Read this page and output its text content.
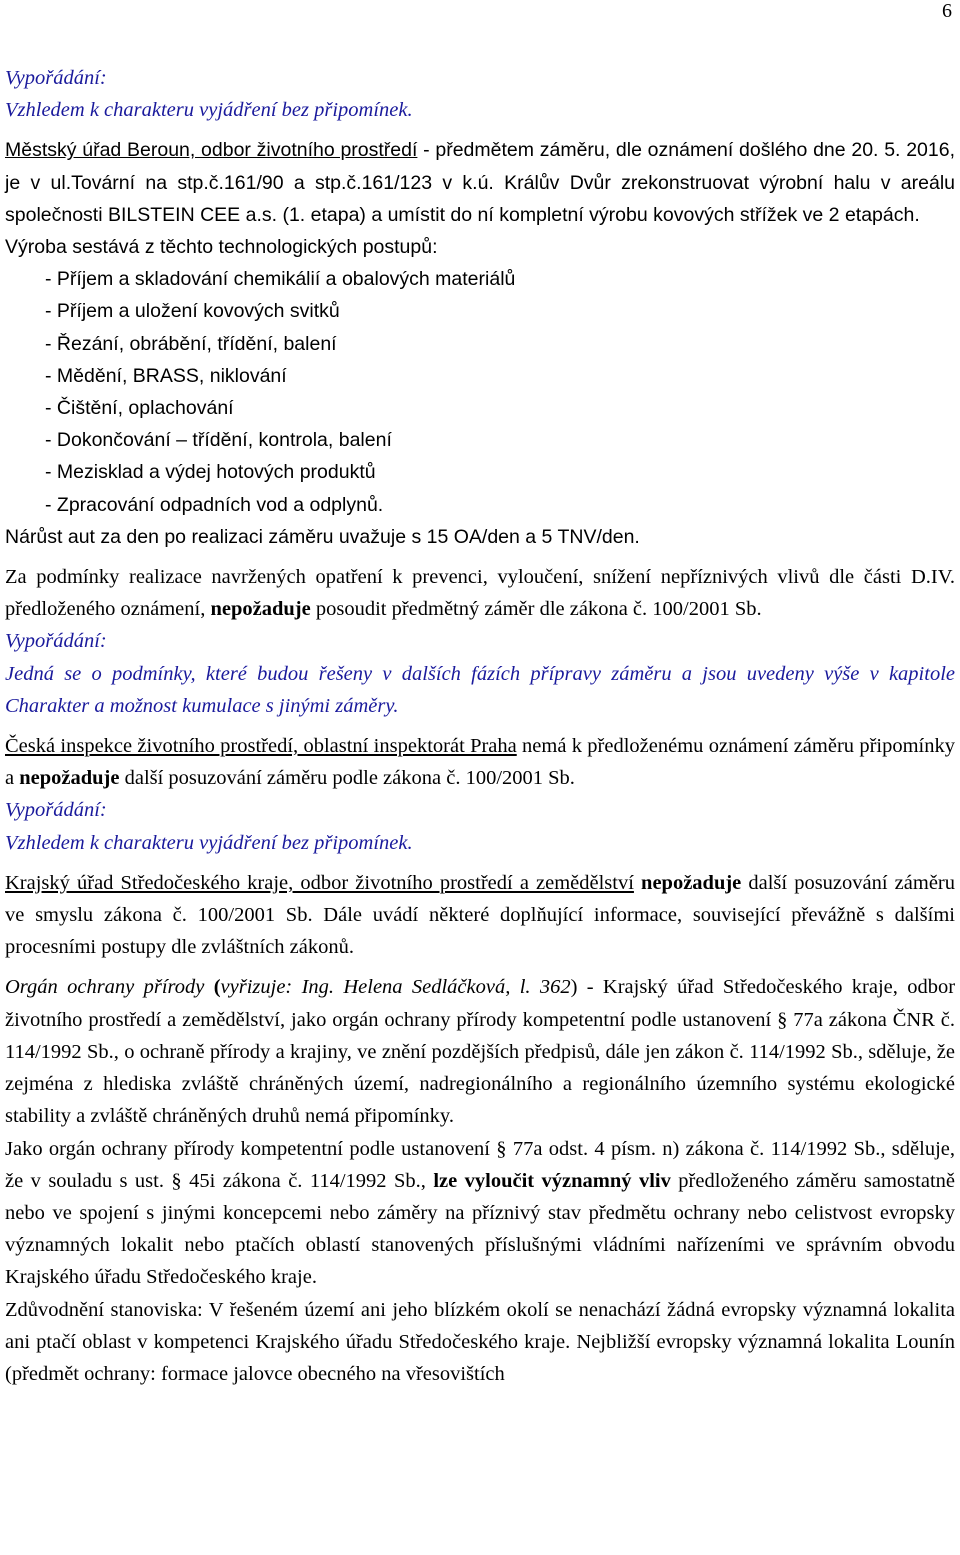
6

Vypořádání:

Vzhledem k charakteru vyjádření bez připomínek.

Městský úřad Beroun, odbor životního prostředí - předmětem záměru, dle oznámení došlého dne 20. 5. 2016, je v ul.Tovární na stp.č.161/90 a stp.č.161/123 v k.ú. Králův Dvůr zrekonstruovat výrobní halu v areálu společnosti BILSTEIN CEE a.s. (1. etapa) a umístit do ní kompletní výrobu kovových střížek ve 2 etapách.

Výroba sestává z těchto technologických postupů:

- Příjem a skladování chemikálií a obalových materiálů

- Příjem a uložení kovových svitků

- Řezání, obrábění, třídění, balení

- Mědění, BRASS, niklování

- Čištění, oplachování

- Dokončování – třídění, kontrola, balení

- Mezisklad a výdej hotových produktů

- Zpracování odpadních vod a odplynů.

Nárůst aut za den po realizaci záměru uvažuje s 15 OA/den a 5 TNV/den.

Za podmínky realizace navržených opatření k prevenci, vyloučení, snížení nepříznivých vlivů dle části D.IV. předloženého oznámení, nepožaduje posoudit předmětný záměr dle zákona č. 100/2001 Sb.

Vypořádání:

Jedná se o podmínky, které budou řešeny v dalších fázích přípravy záměru a jsou uvedeny výše v kapitole Charakter a možnost kumulace s jinými záměry.

Česká inspekce životního prostředí, oblastní inspektorát Praha nemá k předloženému oznámení záměru připomínky a nepožaduje další posuzování záměru podle zákona č. 100/2001 Sb.

Vypořádání:

Vzhledem k charakteru vyjádření bez připomínek.

Krajský úřad Středočeského kraje, odbor životního prostředí a zemědělství nepožaduje další posuzování záměru ve smyslu zákona č. 100/2001 Sb. Dále uvádí některé doplňující informace, související převážně s dalšími procesními postupy dle zvláštních zákonů.

Orgán ochrany přírody (vyřizuje: Ing. Helena Sedláčková, l. 362) - Krajský úřad Středočeského kraje, odbor životního prostředí a zemědělství, jako orgán ochrany přírody kompetentní podle ustanovení § 77a zákona ČNR č. 114/1992 Sb., o ochraně přírody a krajiny, ve znění pozdějších předpisů, dále jen zákon č. 114/1992 Sb., sděluje, že zejména z hlediska zvláště chráněných území, nadregionálního a regionálního územního systému ekologické stability a zvláště chráněných druhů nemá připomínky.

Jako orgán ochrany přírody kompetentní podle ustanovení § 77a odst. 4 písm. n) zákona č. 114/1992 Sb., sděluje, že v souladu s ust. § 45i zákona č. 114/1992 Sb., lze vyloučit významný vliv předloženého záměru samostatně nebo ve spojení s jinými koncepcemi nebo záměry na příznivý stav předmětu ochrany nebo celistvost evropsky významných lokalit nebo ptačích oblastí stanovených příslušnými vládními nařízeními ve správním obvodu Krajského úřadu Středočeského kraje.

Zdůvodnění stanoviska: V řešeném území ani jeho blízkém okolí se nenachází žádná evropsky významná lokalita ani ptačí oblast v kompetenci Krajského úřadu Středočeského kraje. Nejbližší evropsky významná lokalita Lounín (předmět ochrany: formace jalovce obecného na vřesovištích
